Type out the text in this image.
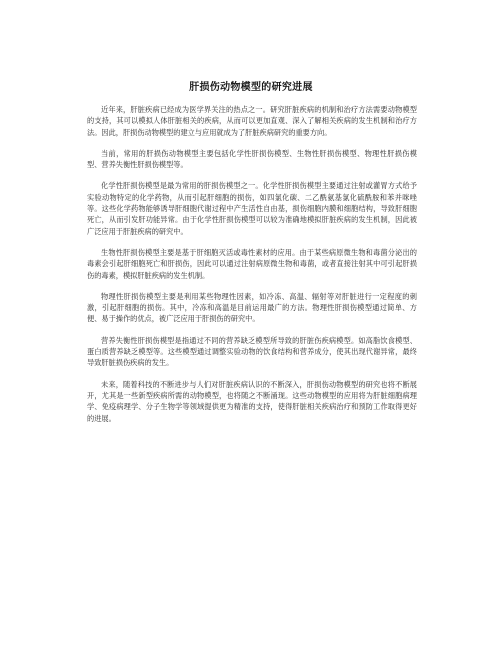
肝损伤动物模型的研究进展

近年来，肝脏疾病已经成为医学界关注的热点之一。研究肝脏疾病的机制和治疗方法需要动物模型的支持，其可以模拟人体肝脏相关的疾病，从而可以更加直观、深入了解相关疾病的发生机制和治疗方法。因此，肝损伤动物模型的建立与应用就成为了肝脏疾病研究的重要方向。

当前，常用的肝损伤动物模型主要包括化学性肝损伤模型、生物性肝损伤模型、物理性肝损伤模型、营养失衡性肝损伤模型等。

化学性肝损伤模型是最为常用的肝损伤模型之一。化学性肝损伤模型主要通过注射或灌胃方式给予实验动物特定的化学药物，从而引起肝细胞的损伤，如四氯化碳、二乙酰氨基氯化硫酰胺和苯并咪唑等。这些化学药物能够诱导肝细胞代谢过程中产生活性自由基，损伤细胞内膜和细胞结构，导致肝细胞死亡，从而引发肝功能异常。由于化学性肝损伤模型可以较为准确地模拟肝脏疾病的发生机制，因此被广泛应用于肝脏疾病的研究中。

生物性肝损伤模型主要是基于肝细胞灭活或毒性素材的应用。由于某些病原微生物和毒菌分泌出的毒素会引起肝细胞死亡和肝损伤，因此可以通过注射病原微生物和毒菌，或者直接注射其中可引起肝损伤的毒素，模拟肝脏疾病的发生机制。

物理性肝损伤模型主要是利用某些物理性因素，如冷冻、高温、辐射等对肝脏进行一定程度的刺激，引起肝细胞的损伤。其中，冷冻和高温是目前运用最广的方法。物理性肝损伤模型通过简单、方便、易于操作的优点，被广泛应用于肝损伤的研究中。

营养失衡性肝损伤模型是指通过不同的营养缺乏模型所导致的肝脏伤疾病模型。如高脂饮食模型、蛋白质营养缺乏模型等。这些模型通过调整实验动物的饮食结构和营养成分，使其出现代谢异常，最终导致肝脏损伤疾病的发生。

未来，随着科技的不断进步与人们对肝脏疾病认识的不断深入，肝损伤动物模型的研究也将不断展开，尤其是一些新型疾病所需的动物模型，也将随之不断涌现。这些动物模型的应用将为肝脏细胞病理学、免疫病理学、分子生物学等领域提供更为精准的支持，使得肝脏相关疾病治疗和预防工作取得更好的进展。
